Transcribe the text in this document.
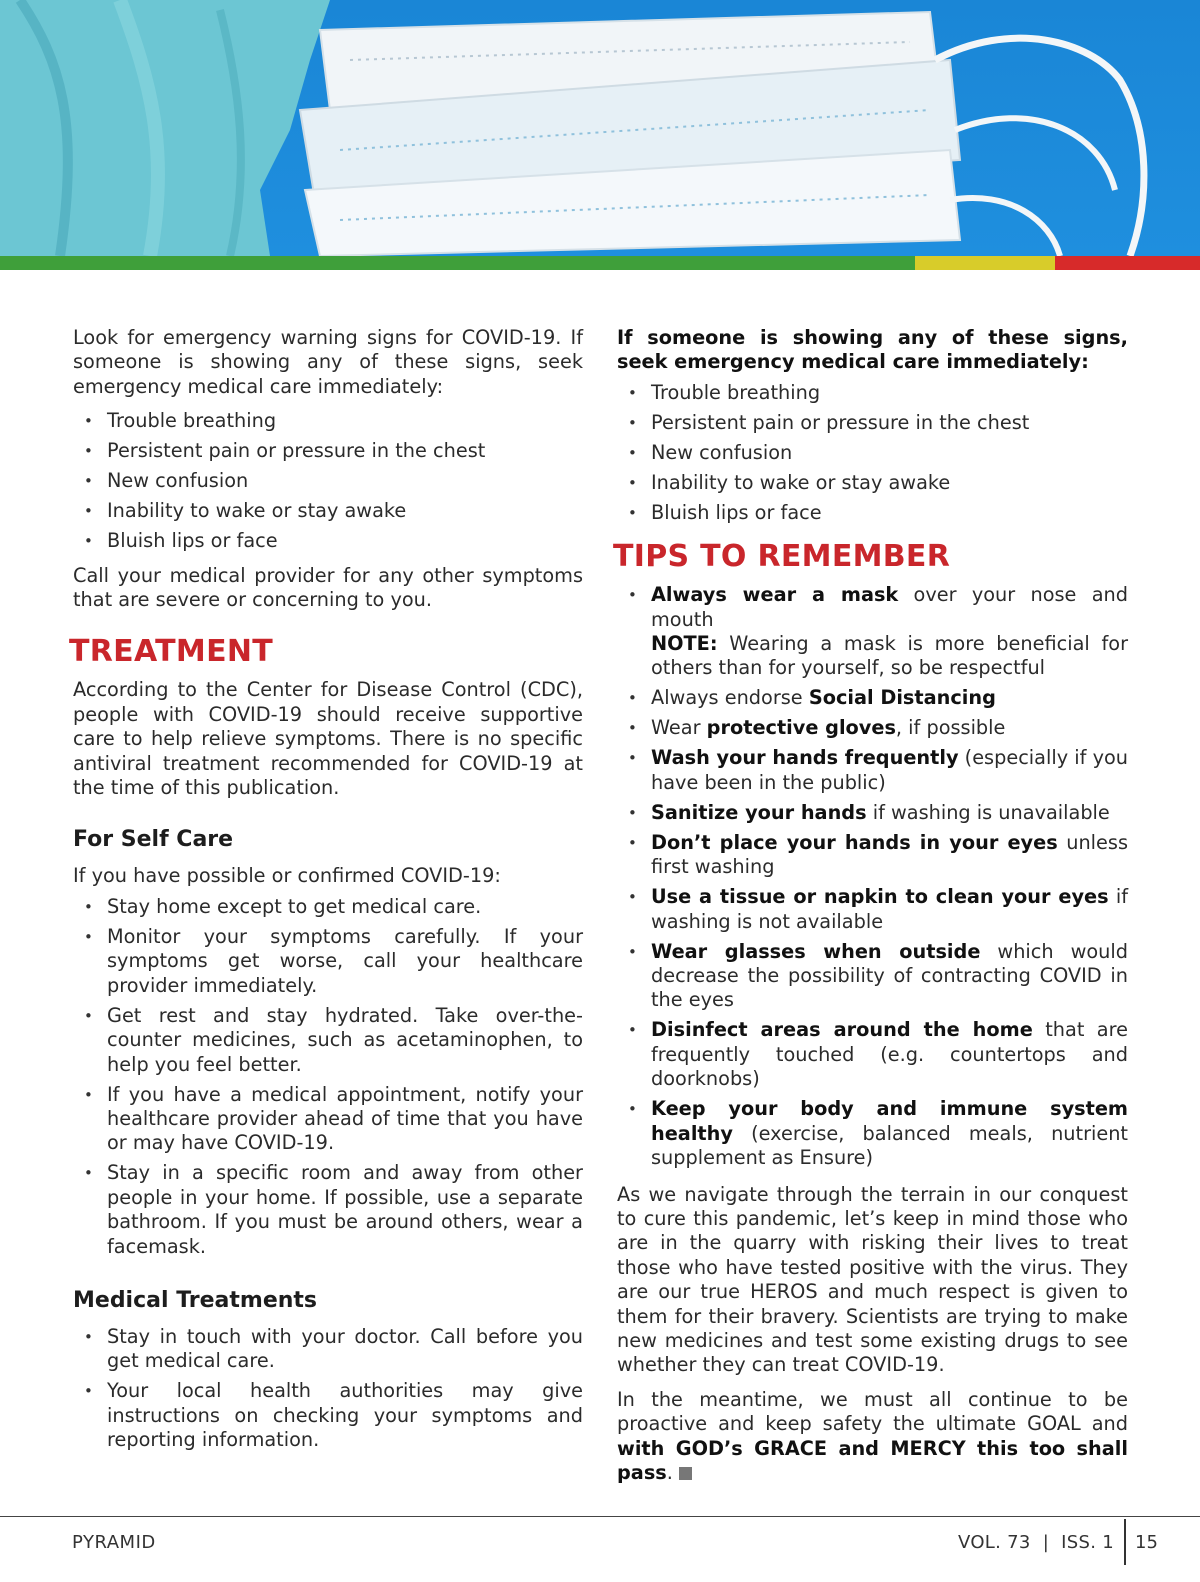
Look for emergency warning signs for COVID-19. If someone is showing any of these signs, seek emergency medical care immediately:

• Trouble breathing
• Persistent pain or pressure in the chest
• New confusion
• Inability to wake or stay awake
• Bluish lips or face

Call your medical provider for any other symptoms that are severe or concerning to you.

TREATMENT

According to the Center for Disease Control (CDC), people with COVID-19 should receive supportive care to help relieve symptoms. There is no specific antiviral treatment recommended for COVID-19 at the time of this publication.

For Self Care

If you have possible or confirmed COVID-19:

• Stay home except to get medical care.
• Monitor your symptoms carefully. If your symptoms get worse, call your healthcare provider immediately.
• Get rest and stay hydrated. Take over-the-counter medicines, such as acetaminophen, to help you feel better.
• If you have a medical appointment, notify your healthcare provider ahead of time that you have or may have COVID-19.
• Stay in a specific room and away from other people in your home. If possible, use a separate bathroom. If you must be around others, wear a facemask.
Medical Treatments
• Stay in touch with your doctor. Call before you get medical care.
• Your local health authorities may give instructions on checking your symptoms and reporting information.

If someone is showing any of these signs, seek emergency medical care immediately:

• Trouble breathing
• Persistent pain or pressure in the chest
• New confusion
• Inability to wake or stay awake
• Bluish lips or face
TIPS TO REMEMBER
• Always wear a mask over your nose and mouth
NOTE: Wearing a mask is more beneficial for others than for yourself, so be respectful
• Always endorse Social Distancing
• Wear protective gloves, if possible
• Wash your hands frequently (especially if you have been in the public)
• Sanitize your hands if washing is unavailable
• Don’t place your hands in your eyes unless first washing
• Use a tissue or napkin to clean your eyes if washing is not available
• Wear glasses when outside which would decrease the possibility of contracting COVID in the eyes
• Disinfect areas around the home that are frequently touched (e.g. countertops and doorknobs)
• Keep your body and immune system healthy (exercise, balanced meals, nutrient supplement as Ensure)

As we navigate through the terrain in our conquest to cure this pandemic, let’s keep in mind those who are in the quarry with risking their lives to treat those who have tested positive with the virus. They are our true HEROS and much respect is given to them for their bravery. Scientists are trying to make new medicines and test some existing drugs to see whether they can treat COVID-19.

In the meantime, we must all continue to be proactive and keep safety the ultimate GOAL and with GOD’s GRACE and MERCY this too shall pass.

PYRAMID	VOL. 73  |  ISS. 1 15
